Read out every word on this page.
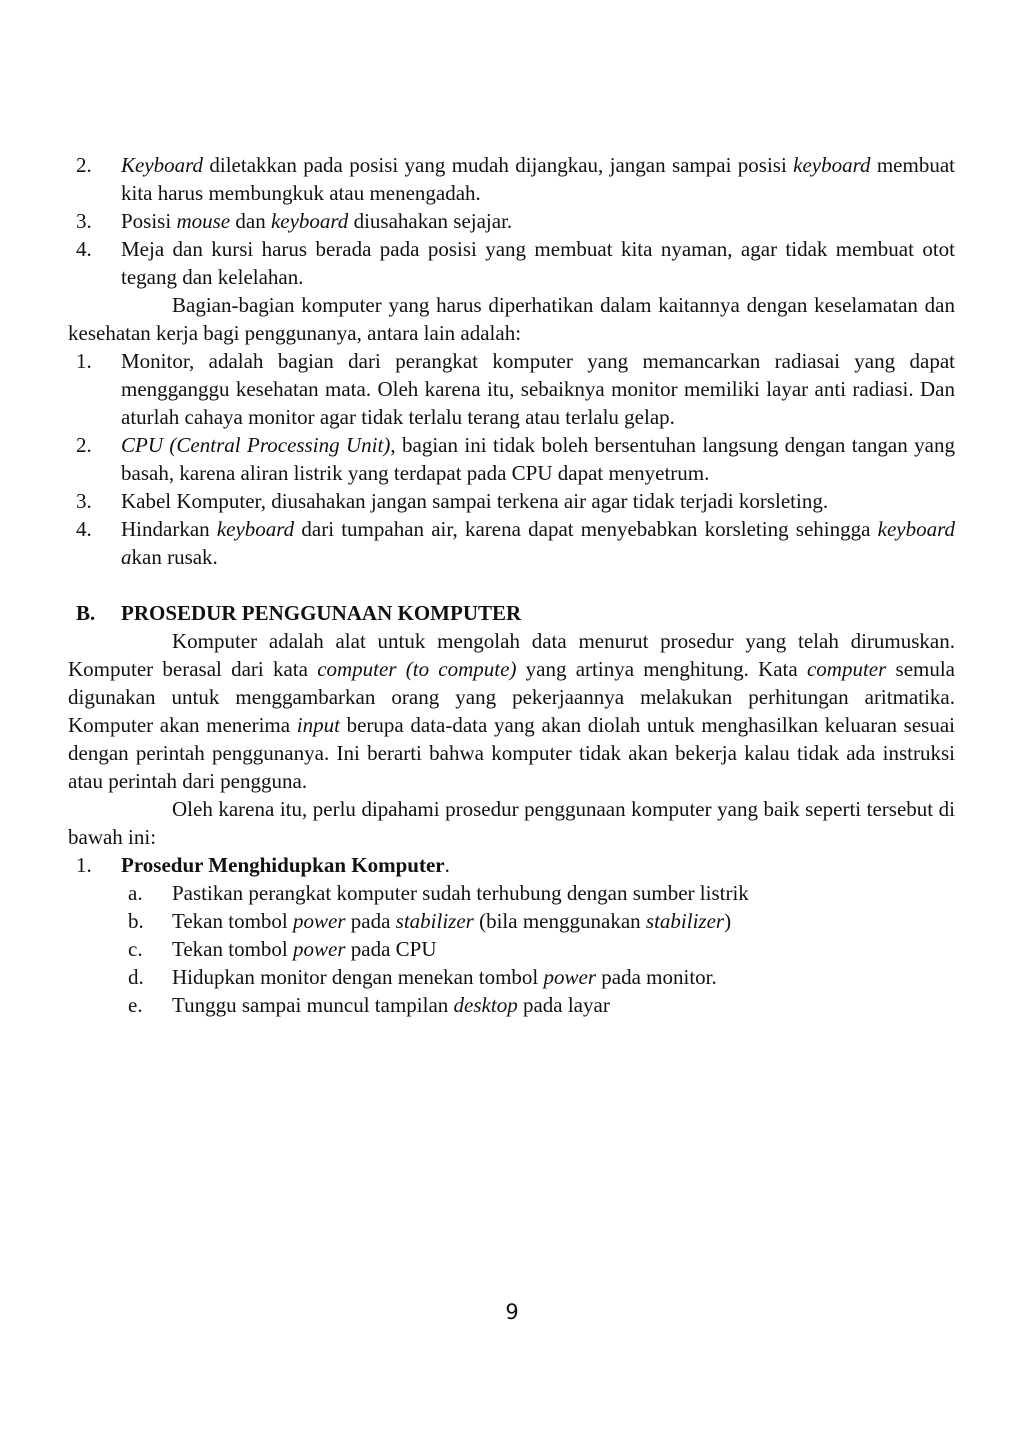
2. Keyboard diletakkan pada posisi yang mudah dijangkau, jangan sampai posisi keyboard membuat kita harus membungkuk atau menengadah.
3. Posisi mouse dan keyboard diusahakan sejajar.
4. Meja dan kursi harus berada pada posisi yang membuat kita nyaman, agar tidak membuat otot tegang dan kelelahan.
Bagian-bagian komputer yang harus diperhatikan dalam kaitannya dengan keselamatan dan kesehatan kerja bagi penggunanya, antara lain adalah:
1. Monitor, adalah bagian dari perangkat komputer yang memancarkan radiasai yang dapat mengganggu kesehatan mata. Oleh karena itu, sebaiknya monitor memiliki layar anti radiasi. Dan aturlah cahaya monitor agar tidak terlalu terang atau terlalu gelap.
2. CPU (Central Processing Unit), bagian ini tidak boleh bersentuhan langsung dengan tangan yang basah, karena aliran listrik yang terdapat pada CPU dapat menyetrum.
3. Kabel Komputer, diusahakan jangan sampai terkena air agar tidak terjadi korsleting.
4. Hindarkan keyboard dari tumpahan air, karena dapat menyebabkan korsleting sehingga keyboard akan rusak.
B. PROSEDUR PENGGUNAAN KOMPUTER
Komputer adalah alat untuk mengolah data menurut prosedur yang telah dirumuskan. Komputer berasal dari kata computer (to compute) yang artinya menghitung. Kata computer semula digunakan untuk menggambarkan orang yang pekerjaannya melakukan perhitungan aritmatika. Komputer akan menerima input berupa data-data yang akan diolah untuk menghasilkan keluaran sesuai dengan perintah penggunanya. Ini berarti bahwa komputer tidak akan bekerja kalau tidak ada instruksi atau perintah dari pengguna.
Oleh karena itu, perlu dipahami prosedur penggunaan komputer yang baik seperti tersebut di bawah ini:
1. Prosedur Menghidupkan Komputer.
a. Pastikan perangkat komputer sudah terhubung dengan sumber listrik
b. Tekan tombol power pada stabilizer (bila menggunakan stabilizer)
c. Tekan tombol power pada CPU
d. Hidupkan monitor dengan menekan tombol power pada monitor.
e. Tunggu sampai muncul tampilan desktop pada layar
9
